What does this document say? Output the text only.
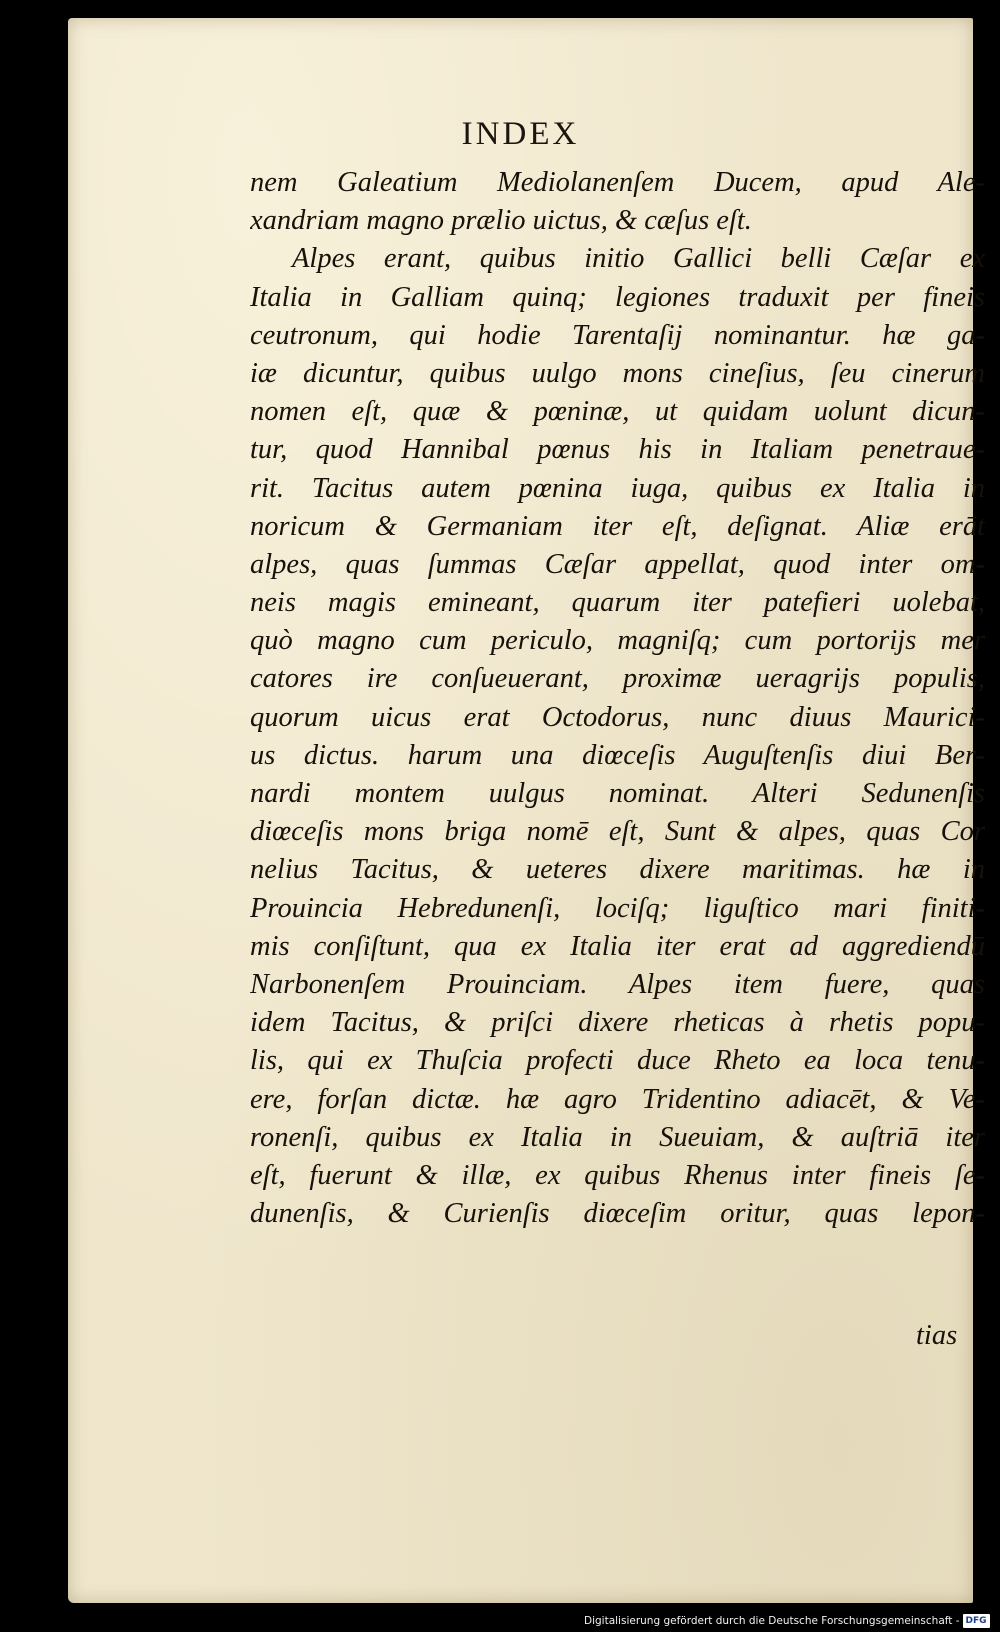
INDEX
nem Galeatium Mediolanenſem Ducem, apud Ale-
xandriam magno prælio uictus, & cæſus eſt.
Alpes erant, quibus initio Gallici belli Cæſar ex
Italia in Galliam quinq; legiones traduxit per fineis
ceutronum, qui hodie Tarentaſij nominantur. hæ ga-
iæ dicuntur, quibus uulgo mons cineſius, ſeu cinerum
nomen eſt, quæ & pœninæ, ut quidam uolunt dicun-
tur, quod Hannibal pœnus his in Italiam penetraue-
rit. Tacitus autem pœnina iuga, quibus ex Italia in
noricum & Germaniam iter eſt, deſignat. Aliæ erāt
alpes, quas ſummas Cæſar appellat, quod inter om-
neis magis emineant, quarum iter patefieri uolebat,
quò magno cum periculo, magniſq; cum portorijs mer
catores ire conſueuerant, proximæ ueragrijs populis,
quorum uicus erat Octodorus, nunc diuus Maurici-
us dictus. harum una diœceſis Auguſtenſis diui Ber-
nardi montem uulgus nominat. Alteri Sedunenſis
diœceſis mons briga nomē eſt, Sunt & alpes, quas Cor
nelius Tacitus, & ueteres dixere maritimas. hæ in
Prouincia Hebredunenſi, lociſq; liguſtico mari finiti-
mis conſiſtunt, qua ex Italia iter erat ad aggrediendū
Narbonenſem Prouinciam. Alpes item fuere, quas
idem Tacitus, & priſci dixere rheticas à rhetis popu-
lis, qui ex Thuſcia profecti duce Rheto ea loca tenu-
ere, forſan dictæ. hæ agro Tridentino adiacēt, & Ve-
ronenſi, quibus ex Italia in Sueuiam, & auſtriā iter
eſt, fuerunt & illæ, ex quibus Rhenus inter fineis ſe-
dunenſis, & Curienſis diœceſim oritur, quas lepon-
tias
Digitalisierung gefördert durch die Deutsche Forschungsgemeinschaft - DFG
